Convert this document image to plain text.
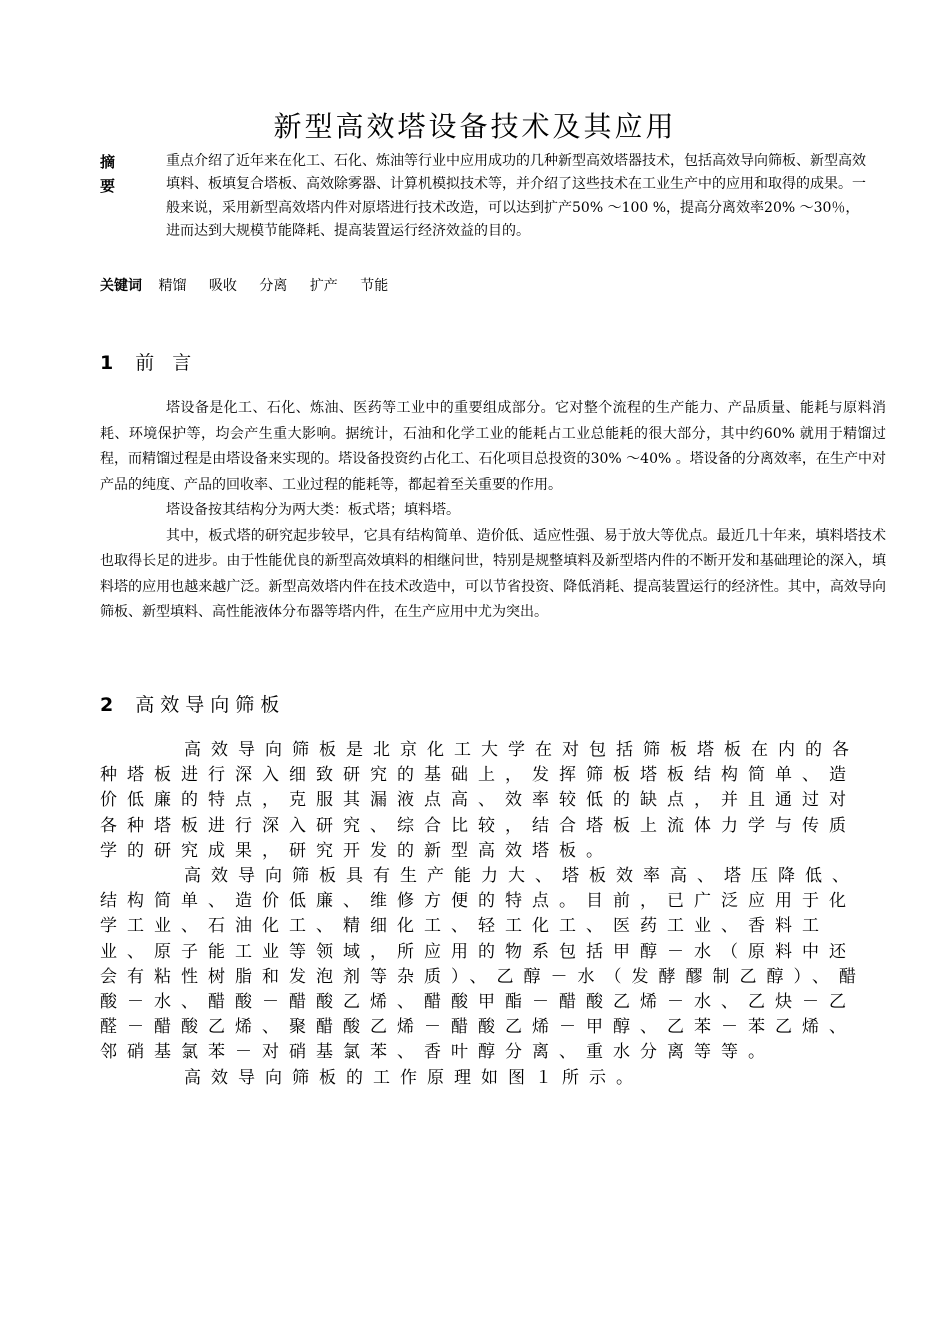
新型高效塔设备技术及其应用
摘要
重点介绍了近年来在化工、石化、炼油等行业中应用成功的几种新型高效塔器技术，包括高效导向筛板、新型高效填料、板填复合塔板、高效除雾器、计算机模拟技术等，并介绍了这些技术在工业生产中的应用和取得的成果。一般来说，采用新型高效塔内件对原塔进行技术改造，可以达到扩产50% ～100 %，提高分离效率20% ～30％，进而达到大规模节能降耗、提高装置运行经济效益的目的。
关键词 精馏 吸收 分离 扩产 节能
1 前 言

塔设备是化工、石化、炼油、医药等工业中的重要组成部分。它对整个流程的生产能力、产品质量、能耗与原料消耗、环境保护等，均会产生重大影响。据统计，石油和化学工业的能耗占工业总能耗的很大部分，其中约60% 就用于精馏过程，而精馏过程是由塔设备来实现的。塔设备投资约占化工、石化项目总投资的30% ～40% 。塔设备的分离效率，在生产中对产品的纯度、产品的回收率、工业过程的能耗等，都起着至关重要的作用。

塔设备按其结构分为两大类：板式塔；填料塔。

其中，板式塔的研究起步较早，它具有结构简单、造价低、适应性强、易于放大等优点。最近几十年来，填料塔技术也取得长足的进步。由于性能优良的新型高效填料的相继问世，特别是规整填料及新型塔内件的不断开发和基础理论的深入，填料塔的应用也越来越广泛。新型高效塔内件在技术改造中，可以节省投资、降低消耗、提高装置运行的经济性。其中，高效导向筛板、新型填料、高性能液体分布器等塔内件，在生产应用中尤为突出。

2 高效导向筛板

高效导向筛板是北京化工大学在对包括筛板塔板在内的各种塔板进行深入细致研究的基础上，发挥筛板塔板结构简单、造价低廉的特点，克服其漏液点高、效率较低的缺点，并且通过对各种塔板进行深入研究、综合比较，结合塔板上流体力学与传质学的研究成果，研究开发的新型高效塔板。

高效导向筛板具有生产能力大、塔板效率高、塔压降低、结构简单、造价低廉、维修方便的特点。目前，已广泛应用于化学工业、石油化工、精细化工、轻工化工、医药工业、香料工业、原子能工业等领域，所应用的物系包括甲醇－水（原料中还会有粘性树脂和发泡剂等杂质）、乙醇－水（发酵醪制乙醇）、醋酸－水、醋酸－醋酸乙烯、醋酸甲酯－醋酸乙烯－水、乙炔－乙醛－醋酸乙烯、聚醋酸乙烯－醋酸乙烯－甲醇、乙苯－苯乙烯、邻硝基氯苯－对硝基氯苯、香叶醇分离、重水分离等等。

高效导向筛板的工作原理如图１所示。
